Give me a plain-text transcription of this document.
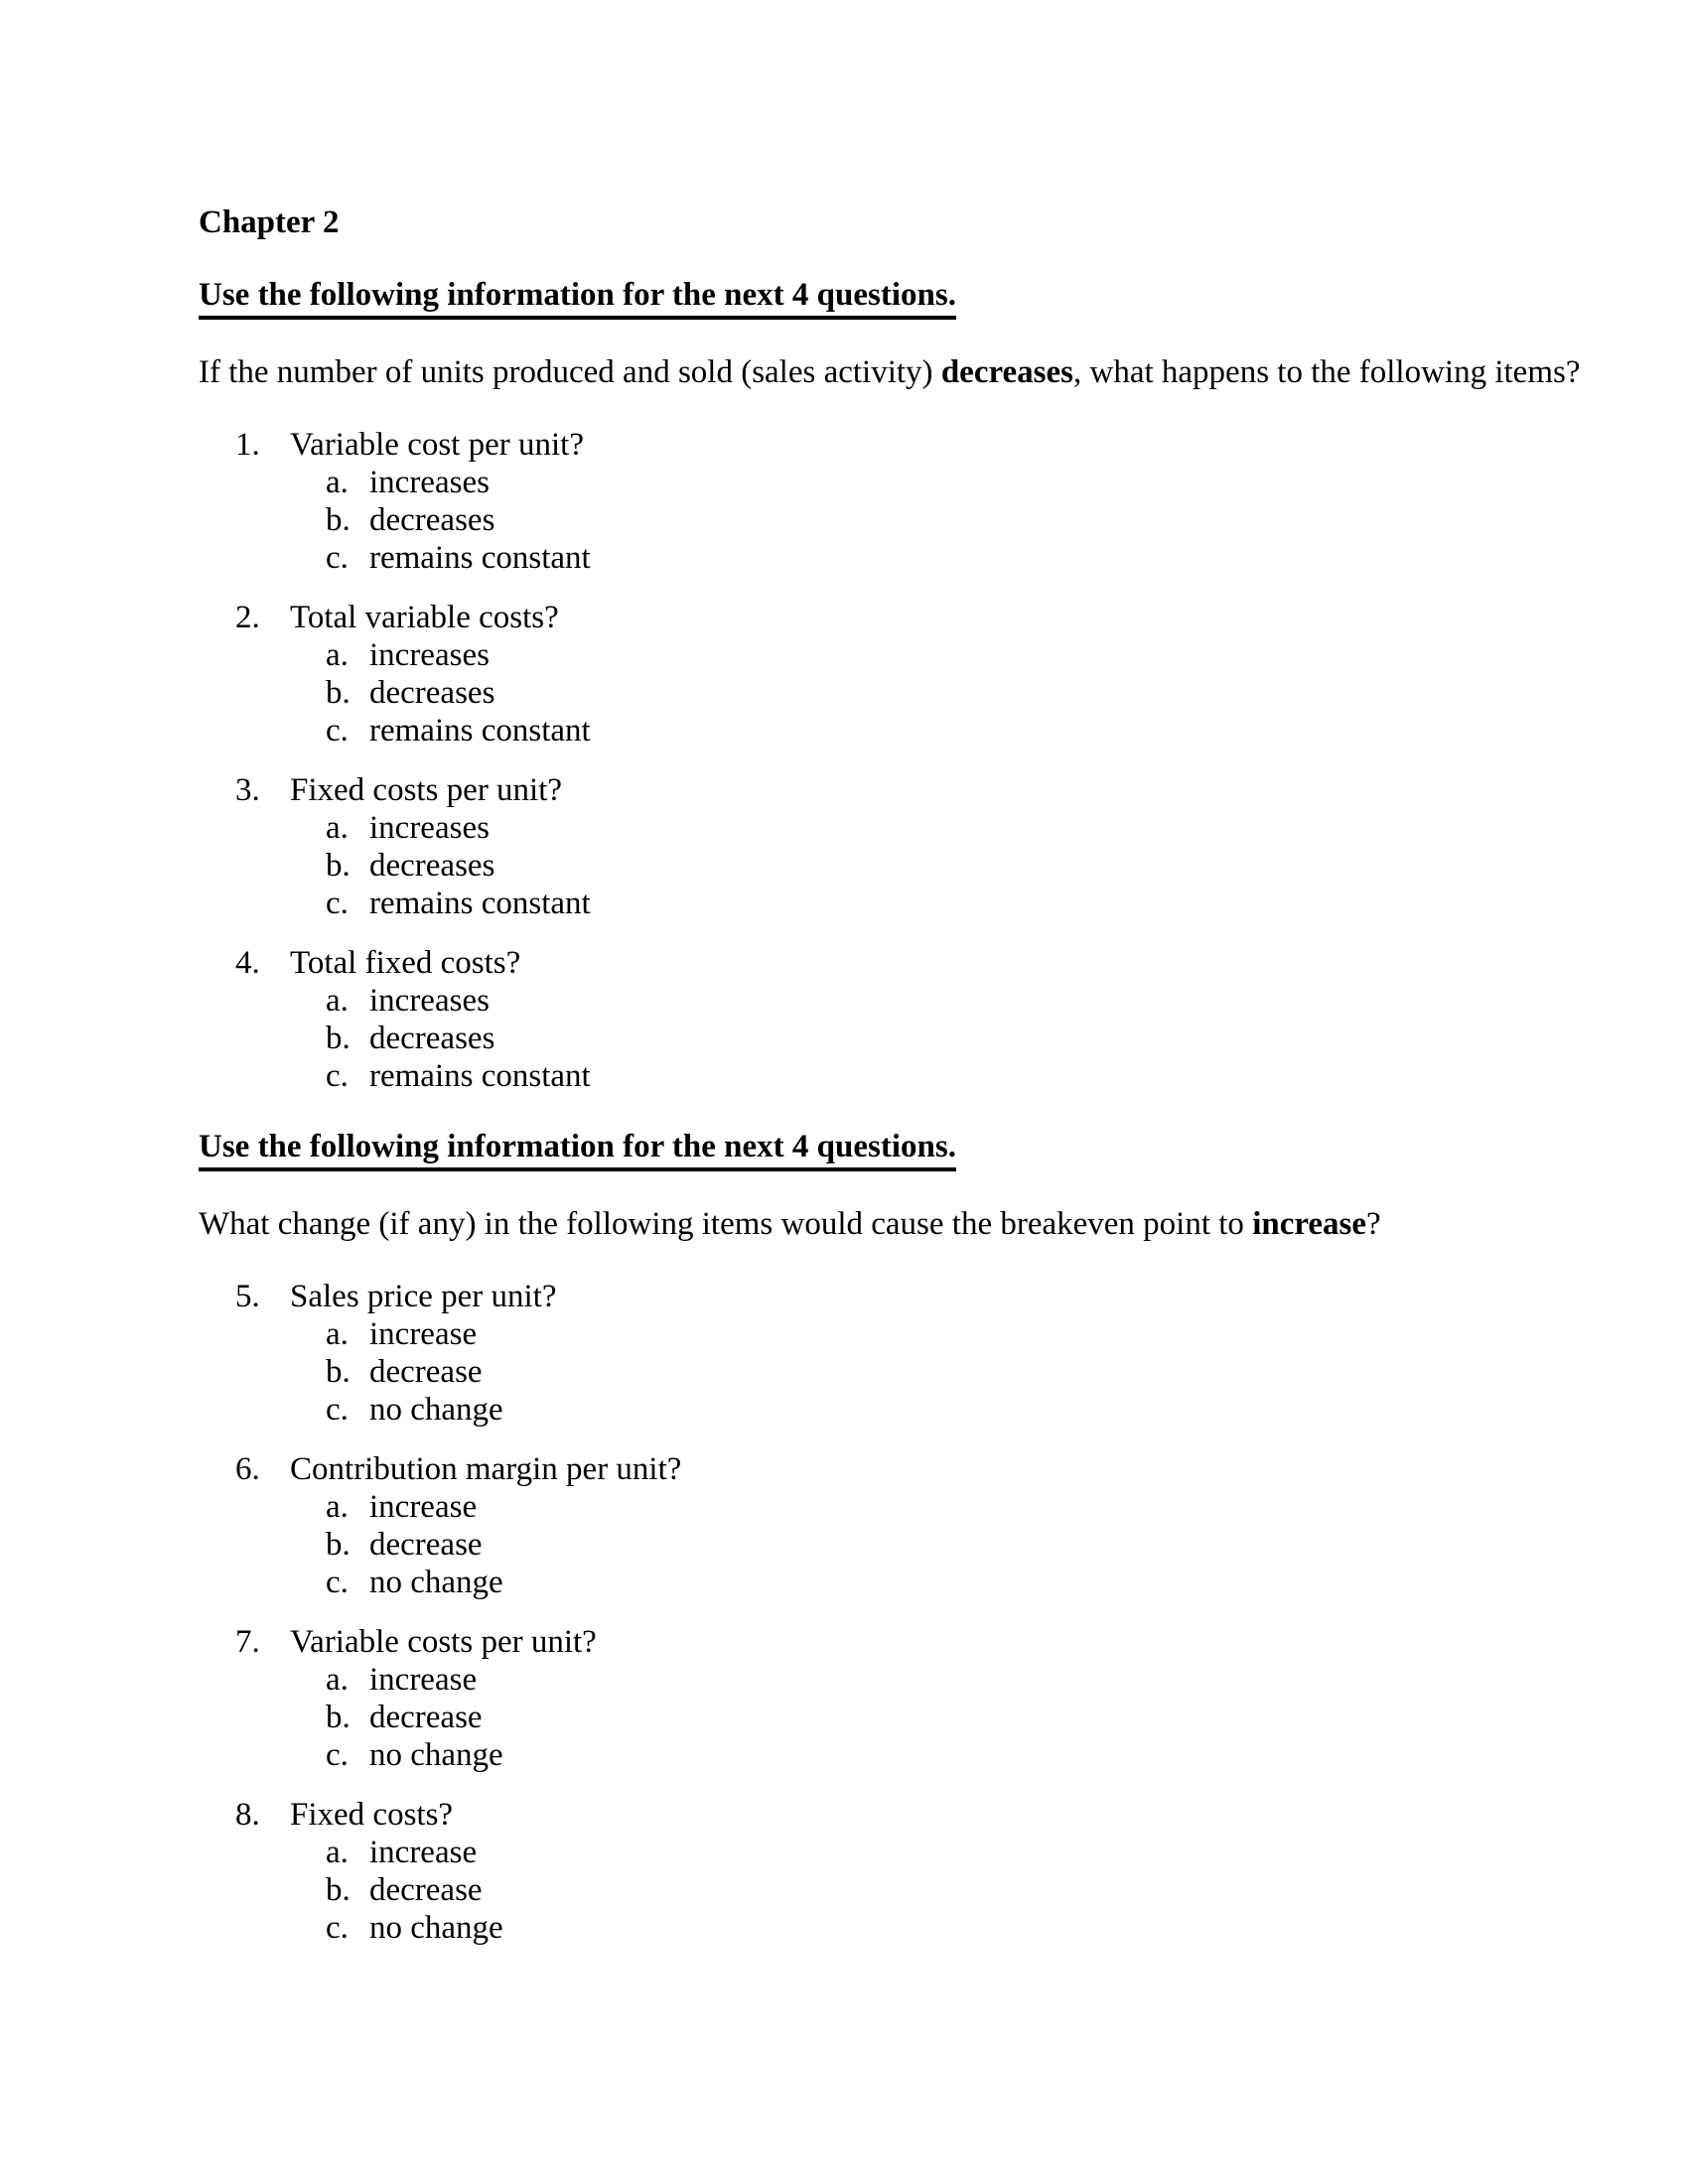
Chapter 2
Use the following information for the next 4 questions.
If the number of units produced and sold (sales activity) decreases, what happens to the following items?
1. Variable cost per unit?
a. increases
b. decreases
c. remains constant
2. Total variable costs?
a. increases
b. decreases
c. remains constant
3. Fixed costs per unit?
a. increases
b. decreases
c. remains constant
4. Total fixed costs?
a. increases
b. decreases
c. remains constant
Use the following information for the next 4 questions.
What change (if any) in the following items would cause the breakeven point to increase?
5. Sales price per unit?
a. increase
b. decrease
c. no change
6. Contribution margin per unit?
a. increase
b. decrease
c. no change
7. Variable costs per unit?
a. increase
b. decrease
c. no change
8. Fixed costs?
a. increase
b. decrease
c. no change
